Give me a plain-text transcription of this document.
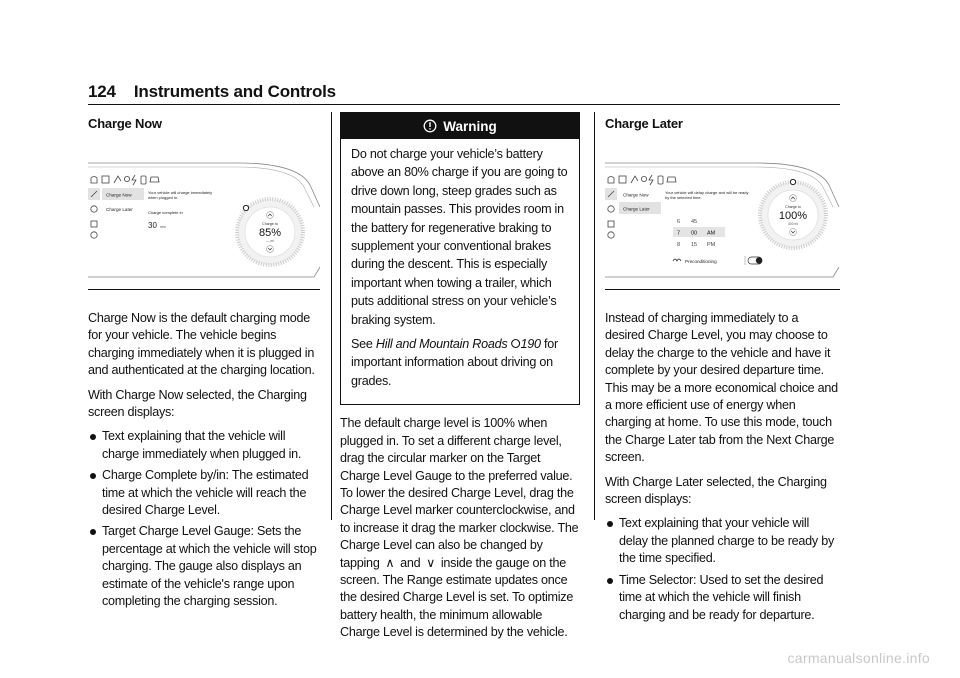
124 Instruments and Controls
Charge Now
Charge Now
Charge Later
Your vehicle will charge immediately
when plugged in.
Charge complete in
30 min
Charge to
85%
— mi

Charge Now is the default charging mode for your vehicle. The vehicle begins charging immediately when it is plugged in and authenticated at the charging location.

With Charge Now selected, the Charging screen displays:

Text explaining that the vehicle will charge immediately when plugged in.
Charge Complete by/in: The estimated time at which the vehicle will reach the desired Charge Level.
Target Charge Level Gauge: Sets the percentage at which the vehicle will stop charging. The gauge also displays an estimate of the vehicle's range upon completing the charging session.
Warning

Do not charge your vehicle’s battery above an 80% charge if you are going to drive down long, steep grades such as mountain passes. This provides room in the battery for regenerative braking to supplement your conventional brakes during the descent. This is especially important when towing a trailer, which puts additional stress on your vehicle’s braking system.

See Hill and Mountain Roads ⭘190 for important information about driving on grades.

The default charge level is 100% when plugged in. To set a different charge level, drag the circular marker on the Target Charge Level Gauge to the preferred value. To lower the desired Charge Level, drag the Charge Level marker counterclockwise, and to increase it drag the marker clockwise. The Charge Level can also be changed by tapping ∧ and ∨ inside the gauge on the screen. The Range estimate updates once the desired Charge Level is set. To optimize battery health, the minimum allowable Charge Level is determined by the vehicle.

Charge Later
Charge Now
Charge Later
Your vehicle will delay charge and will be ready
by the selected time.
6 45
7 00 AM
8 15 PM
Preconditioning
Charge to
100%
400 mi

Instead of charging immediately to a desired Charge Level, you may choose to delay the charge to the vehicle and have it complete by your desired departure time. This may be a more economical choice and a more efficient use of energy when charging at home. To use this mode, touch the Charge Later tab from the Next Charge screen.

With Charge Later selected, the Charging screen displays:

Text explaining that your vehicle will delay the planned charge to be ready by the time specified.
Time Selector: Used to set the desired time at which the vehicle will finish charging and be ready for departure.
carmanualsonline.info
